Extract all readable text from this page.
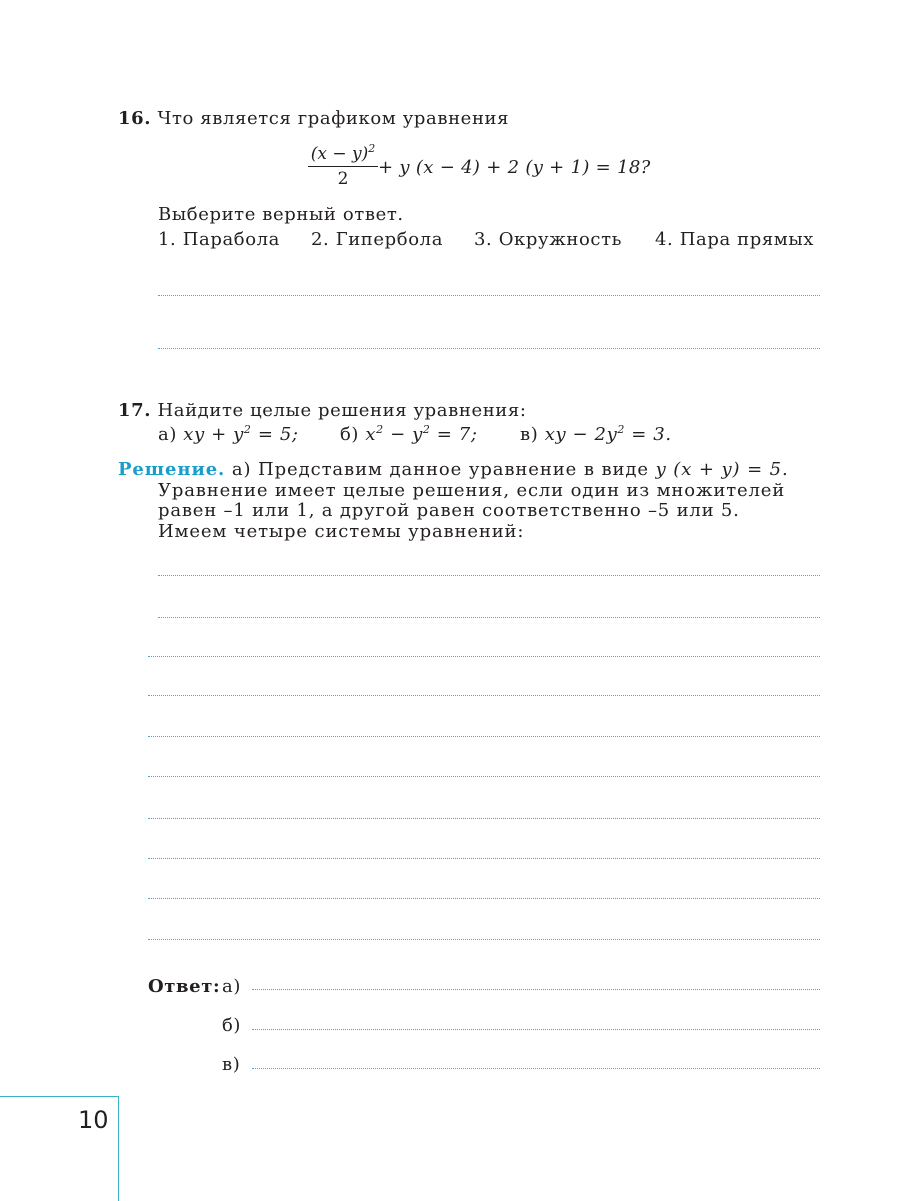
16. Что является графиком уравнения
$(x - y)^2$
2
+ y (x − 4) + 2 (y + 1) = 18?
Выберите верный ответ.
1. Парабола 2. Гипербола 3. Окружность 4. Пара прямых
17. Найдите целые решения уравнения:
а) xy + $y^2 = 5$; б) $x^2 - y^2 = 7$; в) xy − $2y^2 = 3$.
Решение. а) Представим данное уравнение в виде y (x + y) = 5.
Уравнение имеет целые решения, если один из множителей
равен –1 или 1, а другой равен соответственно –5 или 5.
Имеем четыре системы уравнений:
Ответ: а)
б)
в)
10
